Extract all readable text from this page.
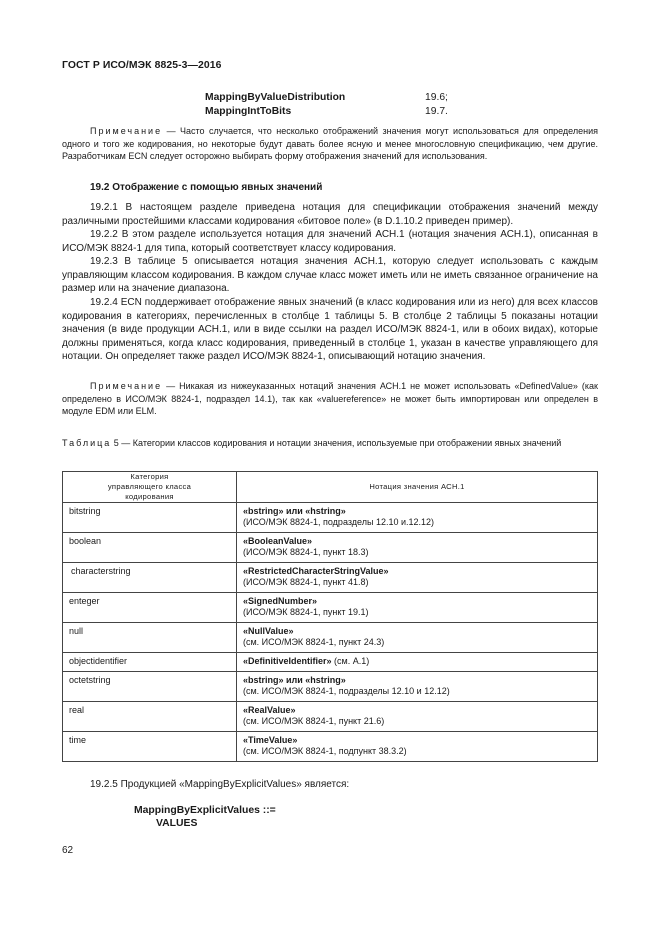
ГОСТ Р ИСО/МЭК 8825-3—2016
MappingByValueDistribution	19.6;
MappingIntToBits	19.7.
Примечание — Часто случается, что несколько отображений значения могут использоваться для определения одного и того же кодирования, но некоторые будут давать более ясную и менее многословную спецификацию, чем другие. Разработчикам ECN следует осторожно выбирать форму отображения значений для использования.
19.2 Отображение с помощью явных значений
19.2.1 В настоящем разделе приведена нотация для спецификации отображения значений между различными простейшими классами кодирования «битовое поле» (в D.1.10.2 приведен пример).
19.2.2 В этом разделе используется нотация для значений АСН.1 (нотация значения АСН.1), описанная в ИСО/МЭК 8824-1 для типа, который соответствует классу кодирования.
19.2.3 В таблице 5 описывается нотация значения АСН.1, которую следует использовать с каждым управляющим классом кодирования. В каждом случае класс может иметь или не иметь связанное ограничение на размер или на значение диапазона.
19.2.4 ECN поддерживает отображение явных значений (в класс кодирования или из него) для всех классов кодирования в категориях, перечисленных в столбце 1 таблицы 5. В столбце 2 таблицы 5 показаны нотации значения (в виде продукции АСН.1, или в виде ссылки на раздел ИСО/МЭК 8824-1, или в обоих видах), которые должны применяться, когда класс кодирования, приведенный в столбце 1, указан в качестве управляющего для нотации. Он определяет также раздел ИСО/МЭК 8824-1, описывающий нотацию значения.
Примечание — Никакая из нижеуказанных нотаций значения АСН.1 не может использовать «DefinedValue» (как определено в ИСО/МЭК 8824-1, подраздел 14.1), так как «valuereference» не может быть импортирован или определен в модуле EDM или ELM.
Таблица 5 — Категории классов кодирования и нотации значения, используемые при отображении явных значений
Категория управляющего класса кодирования	Нотация значения АСН.1
bitstring	«bstring» или «hstring»
(ИСО/МЭК 8824-1, подразделы 12.10 и.12.12)

boolean	«BooleanValue»
(ИСО/МЭК 8824-1, пункт 18.3)

characterstring	«RestrictedCharacterStringValue»
(ИСО/МЭК 8824-1, пункт 41.8)

enteger	«SignedNumber»
(ИСО/МЭК 8824-1, пункт 19.1)

null	«NullValue»
(см. ИСО/МЭК 8824-1, пункт 24.3)

objectidentifier	«DefinitiveIdentifier» (см. А.1)
octetstring	«bstring» или «hstring»
(см. ИСО/МЭК 8824-1, подразделы 12.10 и 12.12)

real	«RealValue»
(см. ИСО/МЭК 8824-1, пункт 21.6)

time	«TimeValue»
(см. ИСО/МЭК 8824-1, подпункт 38.3.2)
19.2.5 Продукцией «MappingByExplicitValues» является:
MappingByExplicitValues ::=
VALUES
62
